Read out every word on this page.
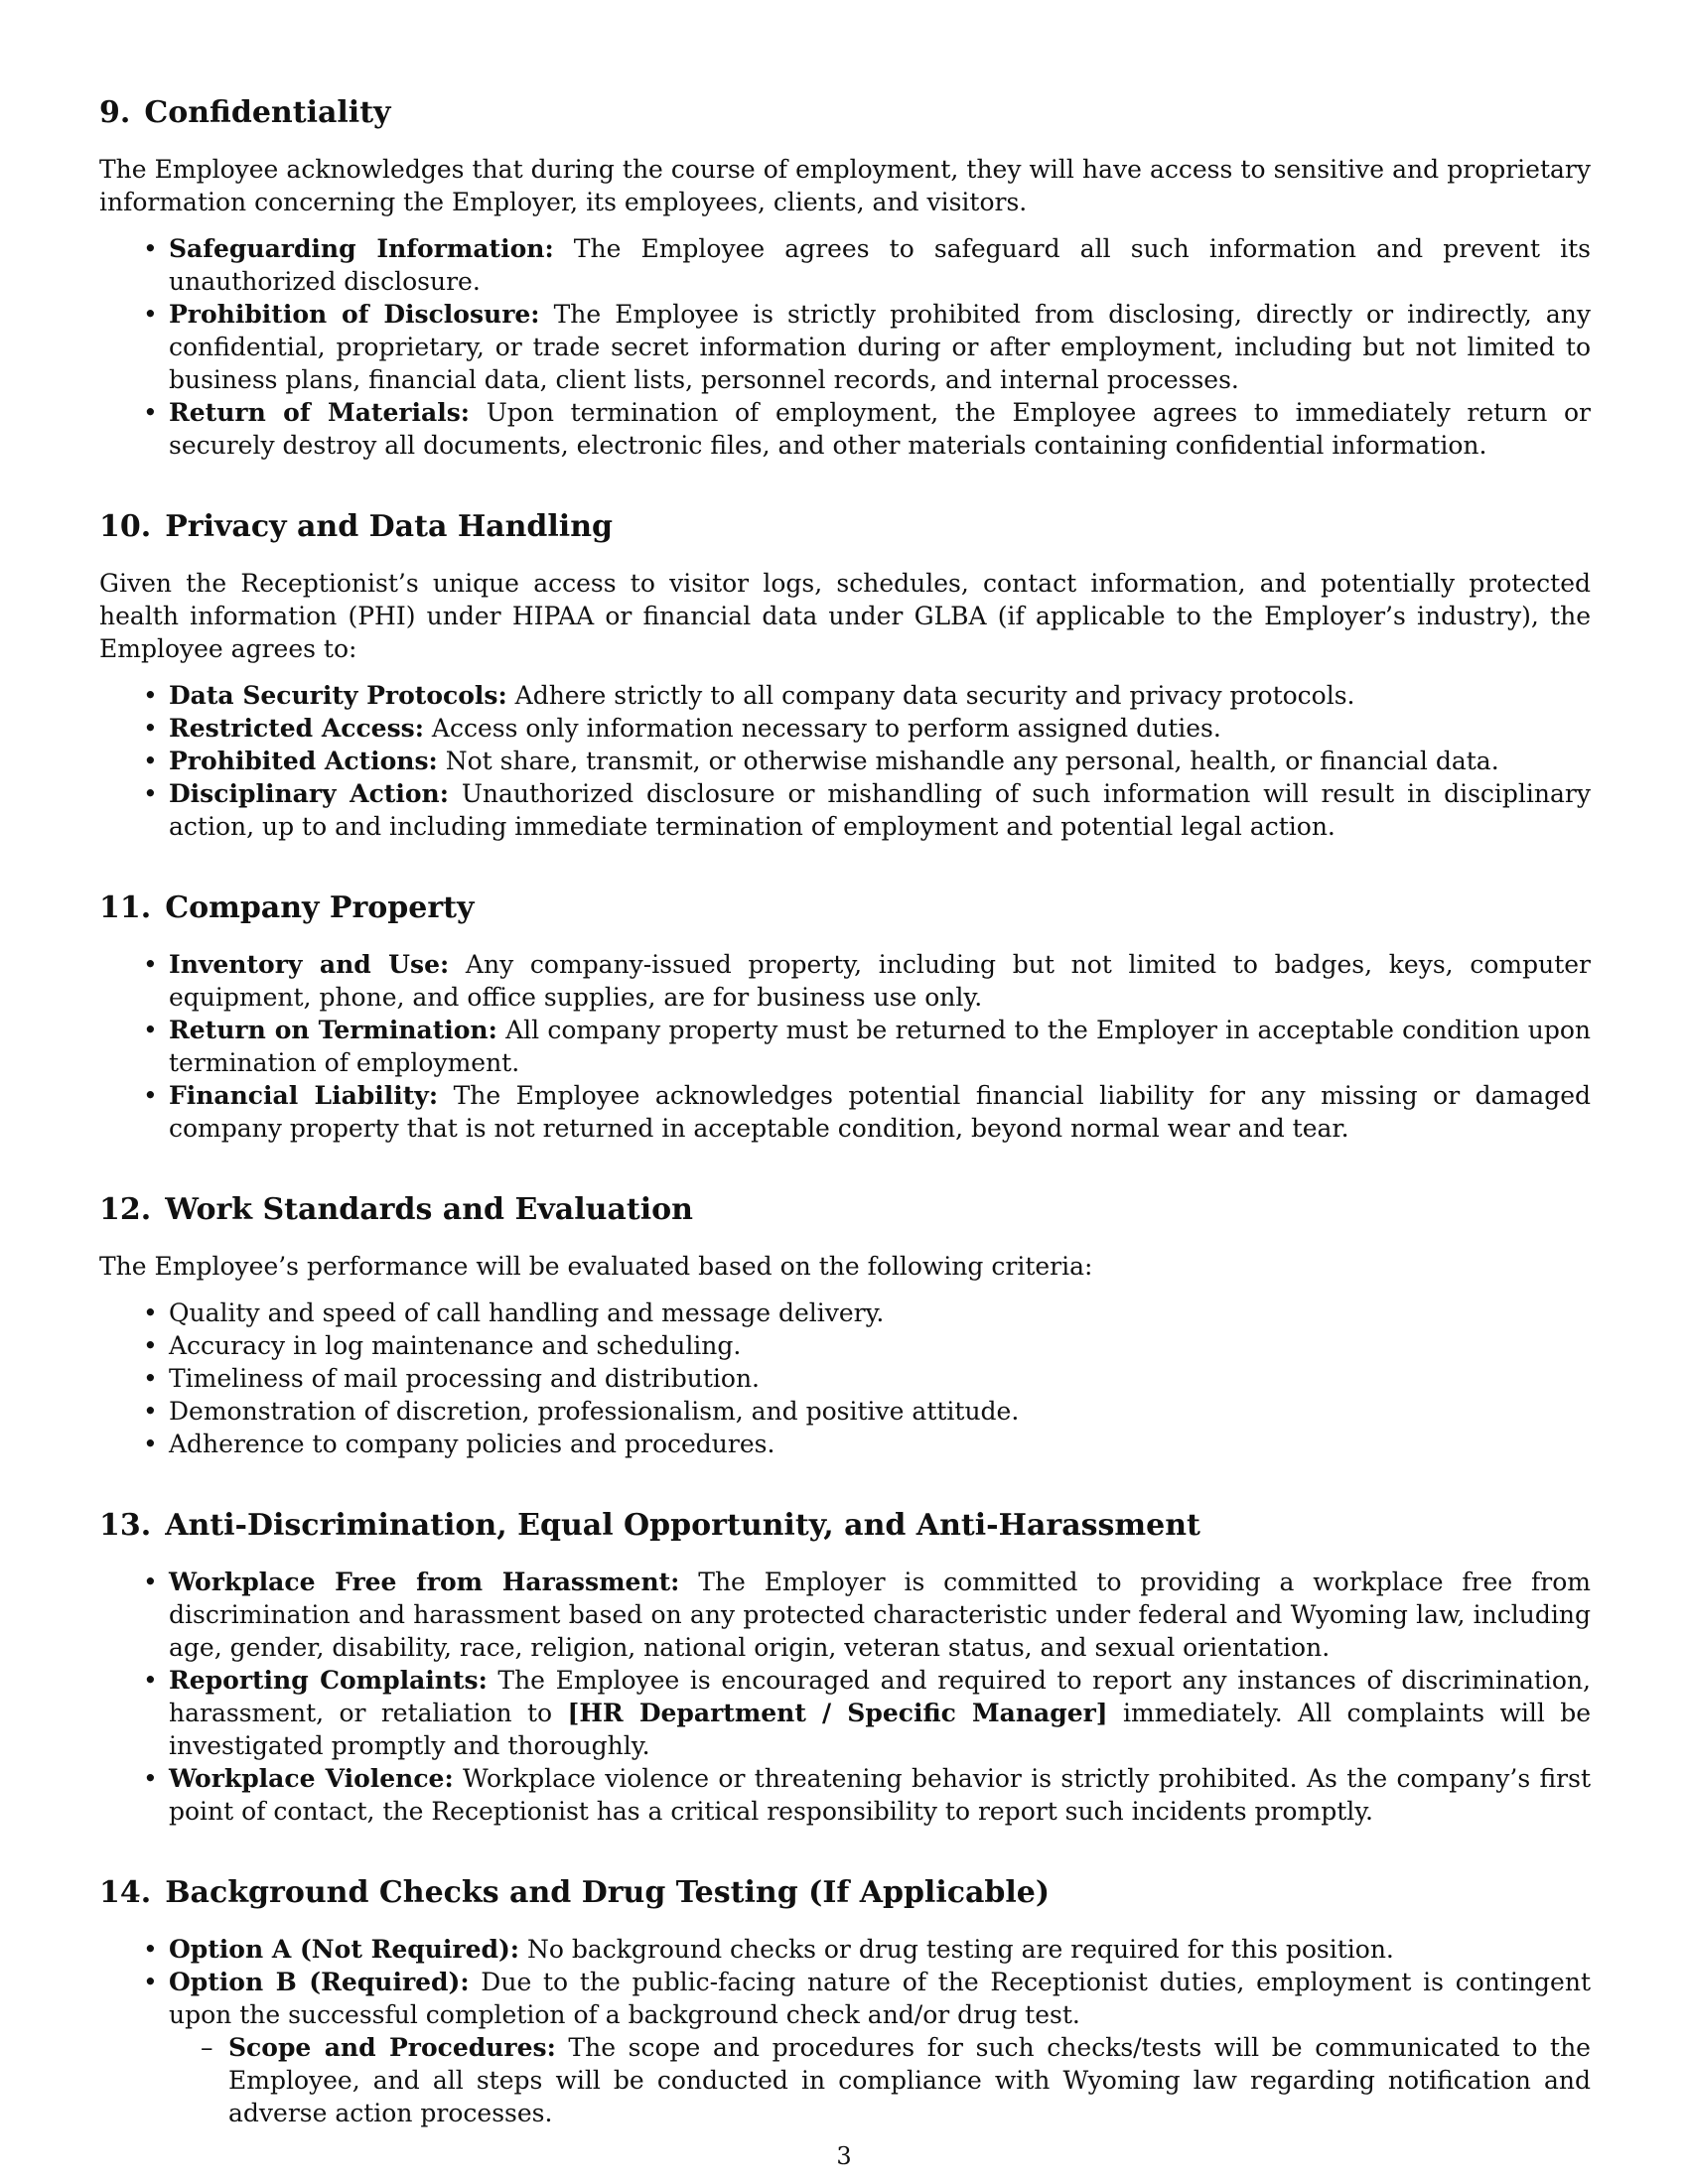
9. Confidentiality

The Employee acknowledges that during the course of employment, they will have access to sensitive and proprietary information concerning the Employer, its employees, clients, and visitors.

• Safeguarding Information: The Employee agrees to safeguard all such information and prevent its unauthorized disclosure.
• Prohibition of Disclosure: The Employee is strictly prohibited from disclosing, directly or indirectly, any confidential, proprietary, or trade secret information during or after employment, including but not limited to business plans, financial data, client lists, personnel records, and internal processes.
• Return of Materials: Upon termination of employment, the Employee agrees to immediately return or securely destroy all documents, electronic files, and other materials containing confidential information.
10. Privacy and Data Handling

Given the Receptionist’s unique access to visitor logs, schedules, contact information, and potentially protected health information (PHI) under HIPAA or financial data under GLBA (if applicable to the Employer’s industry), the Employee agrees to:

• Data Security Protocols: Adhere strictly to all company data security and privacy protocols.
• Restricted Access: Access only information necessary to perform assigned duties.
• Prohibited Actions: Not share, transmit, or otherwise mishandle any personal, health, or financial data.
• Disciplinary Action: Unauthorized disclosure or mishandling of such information will result in disciplinary action, up to and including immediate termination of employment and potential legal action.
11. Company Property
• Inventory and Use: Any company-issued property, including but not limited to badges, keys, computer equipment, phone, and office supplies, are for business use only.
• Return on Termination: All company property must be returned to the Employer in acceptable condition upon termination of employment.
• Financial Liability: The Employee acknowledges potential financial liability for any missing or damaged company property that is not returned in acceptable condition, beyond normal wear and tear.
12. Work Standards and Evaluation

The Employee’s performance will be evaluated based on the following criteria:

• Quality and speed of call handling and message delivery.
• Accuracy in log maintenance and scheduling.
• Timeliness of mail processing and distribution.
• Demonstration of discretion, professionalism, and positive attitude.
• Adherence to company policies and procedures.
13. Anti-Discrimination, Equal Opportunity, and Anti-Harassment
• Workplace Free from Harassment: The Employer is committed to providing a workplace free from discrimination and harassment based on any protected characteristic under federal and Wyoming law, including age, gender, disability, race, religion, national origin, veteran status, and sexual orientation.
• Reporting Complaints: The Employee is encouraged and required to report any instances of discrimination, harassment, or retaliation to [HR Department / Specific Manager] immediately. All complaints will be investigated promptly and thoroughly.
• Workplace Violence: Workplace violence or threatening behavior is strictly prohibited. As the company’s first point of contact, the Receptionist has a critical responsibility to report such incidents promptly.
14. Background Checks and Drug Testing (If Applicable)
• Option A (Not Required): No background checks or drug testing are required for this position.
• Option B (Required): Due to the public-facing nature of the Receptionist duties, employment is contingent upon the successful completion of a background check and/or drug test.
– Scope and Procedures: The scope and procedures for such checks/tests will be communicated to the Employee, and all steps will be conducted in compliance with Wyoming law regarding notification and adverse action processes.
3
